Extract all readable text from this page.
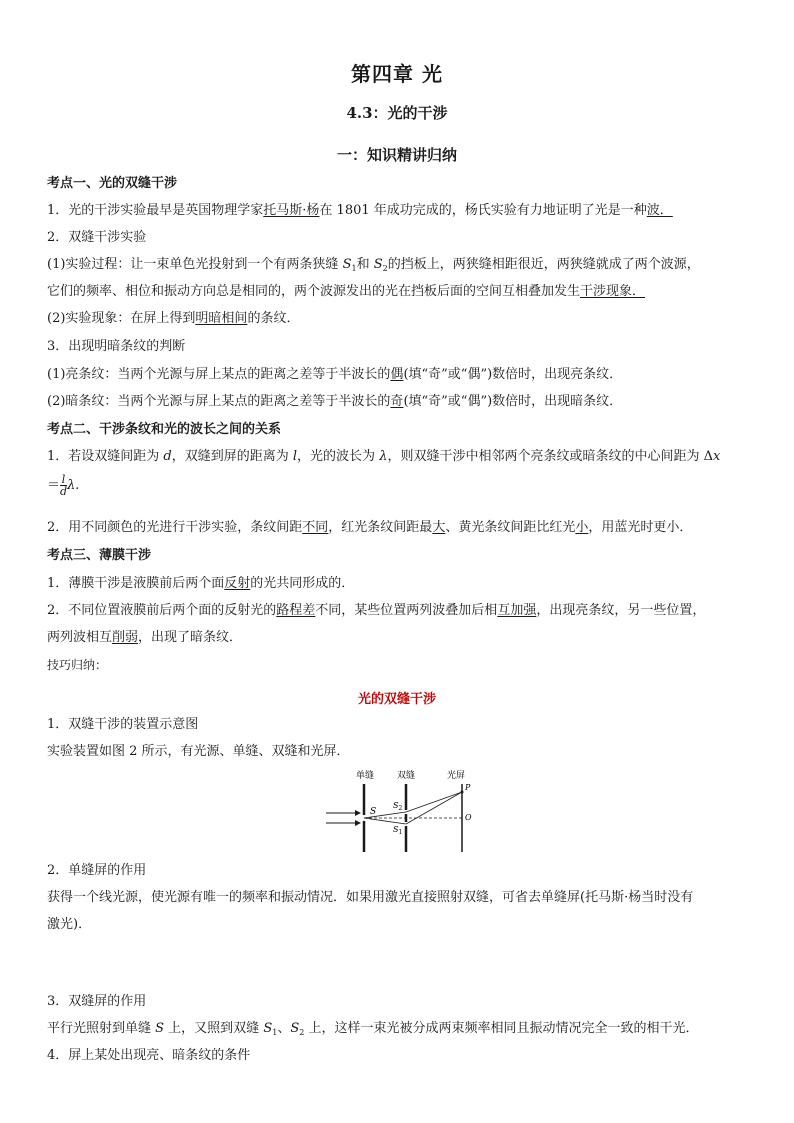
第四章 光
4.3：光的干涉
一：知识精讲归纳
考点一、光的双缝干涉
1．光的干涉实验最早是英国物理学家托马斯·杨在 1801 年成功完成的，杨氏实验有力地证明了光是一种波．
2．双缝干涉实验
(1)实验过程：让一束单色光投射到一个有两条狭缝 $S_1$和 $S_2$的挡板上，两狭缝相距很近，两狭缝就成了两个波源，
它们的频率、相位和振动方向总是相同的，两个波源发出的光在挡板后面的空间互相叠加发生干涉现象．
(2)实验现象：在屏上得到明暗相间的条纹．
3．出现明暗条纹的判断
(1)亮条纹：当两个光源与屏上某点的距离之差等于半波长的偶(填“奇”或“偶”)数倍时，出现亮条纹．
(2)暗条纹：当两个光源与屏上某点的距离之差等于半波长的奇(填“奇”或“偶”)数倍时，出现暗条纹．
考点二、干涉条纹和光的波长之间的关系
1．若设双缝间距为 d，双缝到屏的距离为 l，光的波长为 λ，则双缝干涉中相邻两个亮条纹或暗条纹的中心间距为 Δx
＝ $\frac{l}{d} \lambda$.
2．用不同颜色的光进行干涉实验，条纹间距不同，红光条纹间距最大、黄光条纹间距比红光小，用蓝光时更小．
考点三、薄膜干涉
1．薄膜干涉是液膜前后两个面反射的光共同形成的．
2．不同位置液膜前后两个面的反射光的路程差不同，某些位置两列波叠加后相互加强，出现亮条纹，另一些位置，
两列波相互削弱，出现了暗条纹．
技巧归纳：
光的双缝干涉
1．双缝干涉的装置示意图
实验装置如图 2 所示，有光源、单缝、双缝和光屏．
单缝	双缝	光屏
S
$S_2$
$S_1$
P
O
2．单缝屏的作用
获得一个线光源，使光源有唯一的频率和振动情况．如果用激光直接照射双缝，可省去单缝屏(托马斯·杨当时没有
激光)．
3．双缝屏的作用
平行光照射到单缝 S 上，又照到双缝 $S_1$、$S_2$ 上，这样一束光被分成两束频率相同且振动情况完全一致的相干光．
4．屏上某处出现亮、暗条纹的条件
